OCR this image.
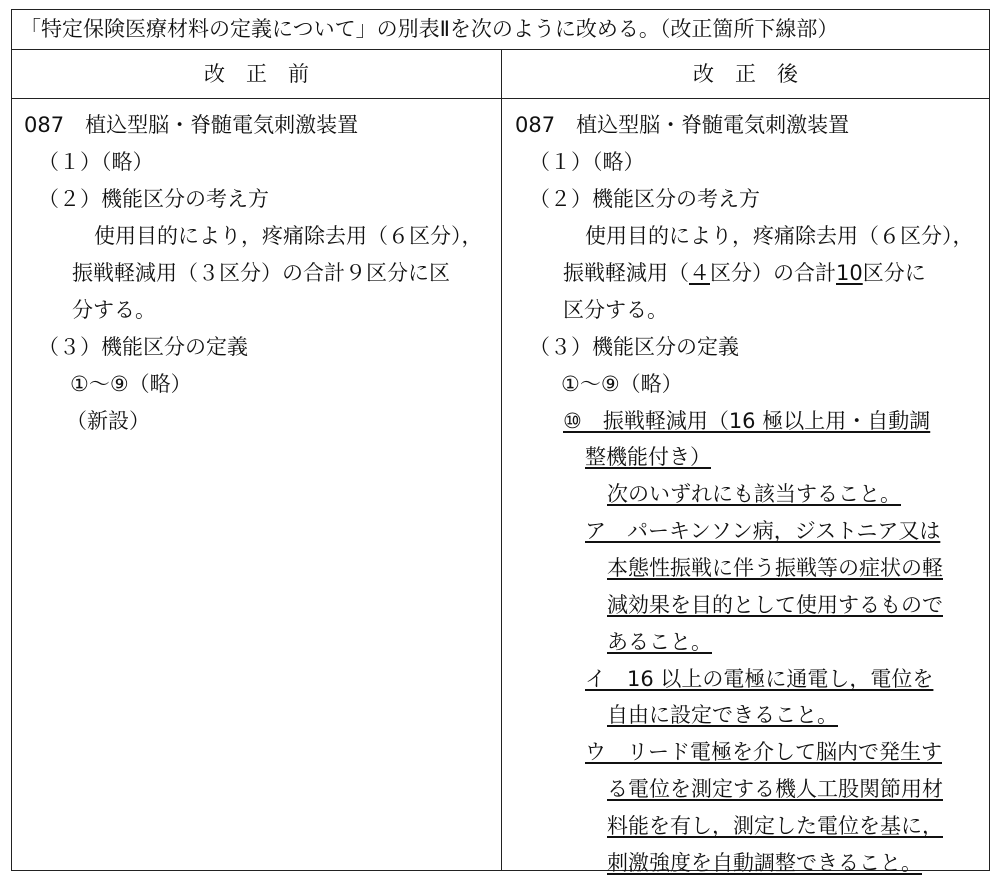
「特定保険医療材料の定義について」の別表Ⅱを次のように改める。（改正箇所下線部）
改　正　前	改　正　後
087　植込型脳・脊髄電気刺激装置
（１）（略）
（２）機能区分の考え方
使用目的により，疼痛除去用（６区分），
振戦軽減用（３区分）の合計９区分に区
分する。
（３）機能区分の定義
①～⑨（略）
（新設）
087　植込型脳・脊髄電気刺激装置
（１）（略）
（２）機能区分の考え方
使用目的により，疼痛除去用（６区分），
振戦軽減用（４区分）の合計10区分に
区分する。
（３）機能区分の定義
①～⑨（略）
⑩　振戦軽減用（16 極以上用・自動調
整機能付き）
次のいずれにも該当すること。
ア　パーキンソン病，ジストニア又は
本態性振戦に伴う振戦等の症状の軽
減効果を目的として使用するもので
あること。
イ　16 以上の電極に通電し，電位を
自由に設定できること。
ウ　リード電極を介して脳内で発生す
る電位を測定する機人工股関節用材
料能を有し，測定した電位を基に，
刺激強度を自動調整できること。
